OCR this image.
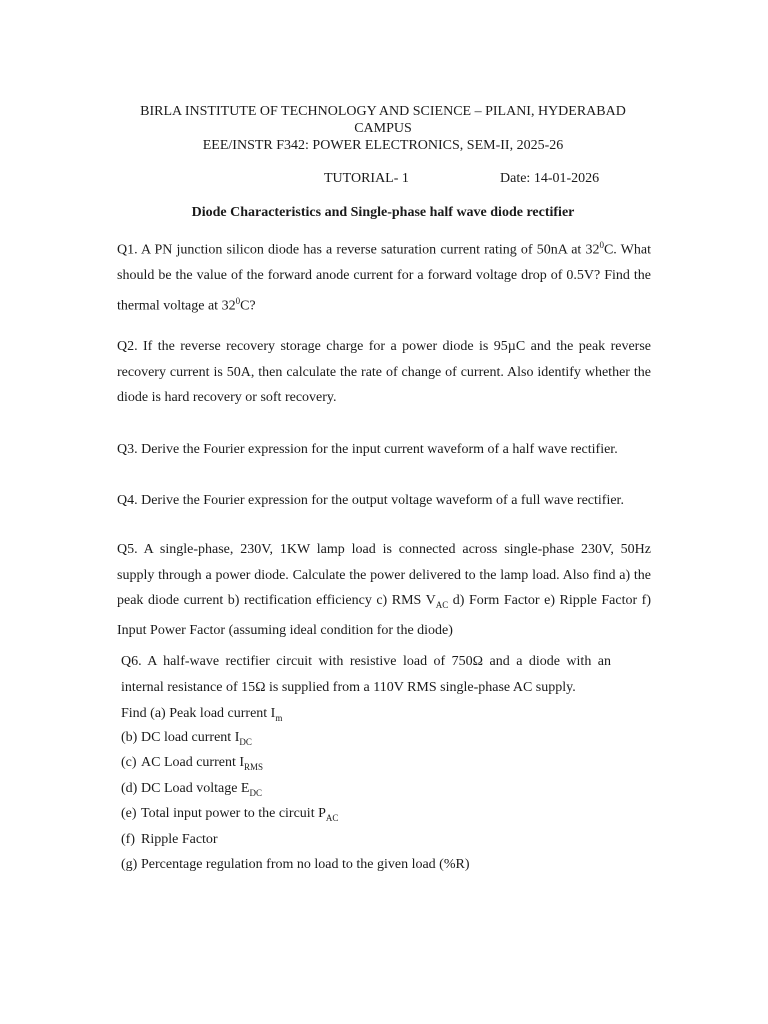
BIRLA INSTITUTE OF TECHNOLOGY AND SCIENCE – PILANI, HYDERABAD
CAMPUS
EEE/INSTR F342: POWER ELECTRONICS, SEM-II, 2025-26
TUTORIAL- 1	Date: 14-01-2026
Diode Characteristics and Single-phase half wave diode rectifier

Q1. A PN junction silicon diode has a reverse saturation current rating of 50nA at $32^0C$. What should be the value of the forward anode current for a forward voltage drop of 0.5V? Find the thermal voltage at $32^0C$?

Q2. If the reverse recovery storage charge for a power diode is 95µC and the peak reverse recovery current is 50A, then calculate the rate of change of current. Also identify whether the diode is hard recovery or soft recovery.

Q3. Derive the Fourier expression for the input current waveform of a half wave rectifier.

Q4. Derive the Fourier expression for the output voltage waveform of a full wave rectifier.

Q5. A single-phase, 230V, 1KW lamp load is connected across single-phase 230V, 50Hz supply through a power diode. Calculate the power delivered to the lamp load. Also find a) the peak diode current b) rectification efficiency c) RMS $V_{AC}$ d) Form Factor e) Ripple Factor f) Input Power Factor (assuming ideal condition for the diode)

Q6. A half-wave rectifier circuit with resistive load of 750Ω and a diode with an internal resistance of 15Ω is supplied from a 110V RMS single-phase AC supply.

Find (a) Peak load current $I_m$
(b) DC load current $I_{DC}$
(c) AC Load current $I_{RMS}$
(d) DC Load voltage $E_{DC}$
(e) Total input power to the circuit $P_{AC}$
(f) Ripple Factor
(g) Percentage regulation from no load to the given load (%R)
